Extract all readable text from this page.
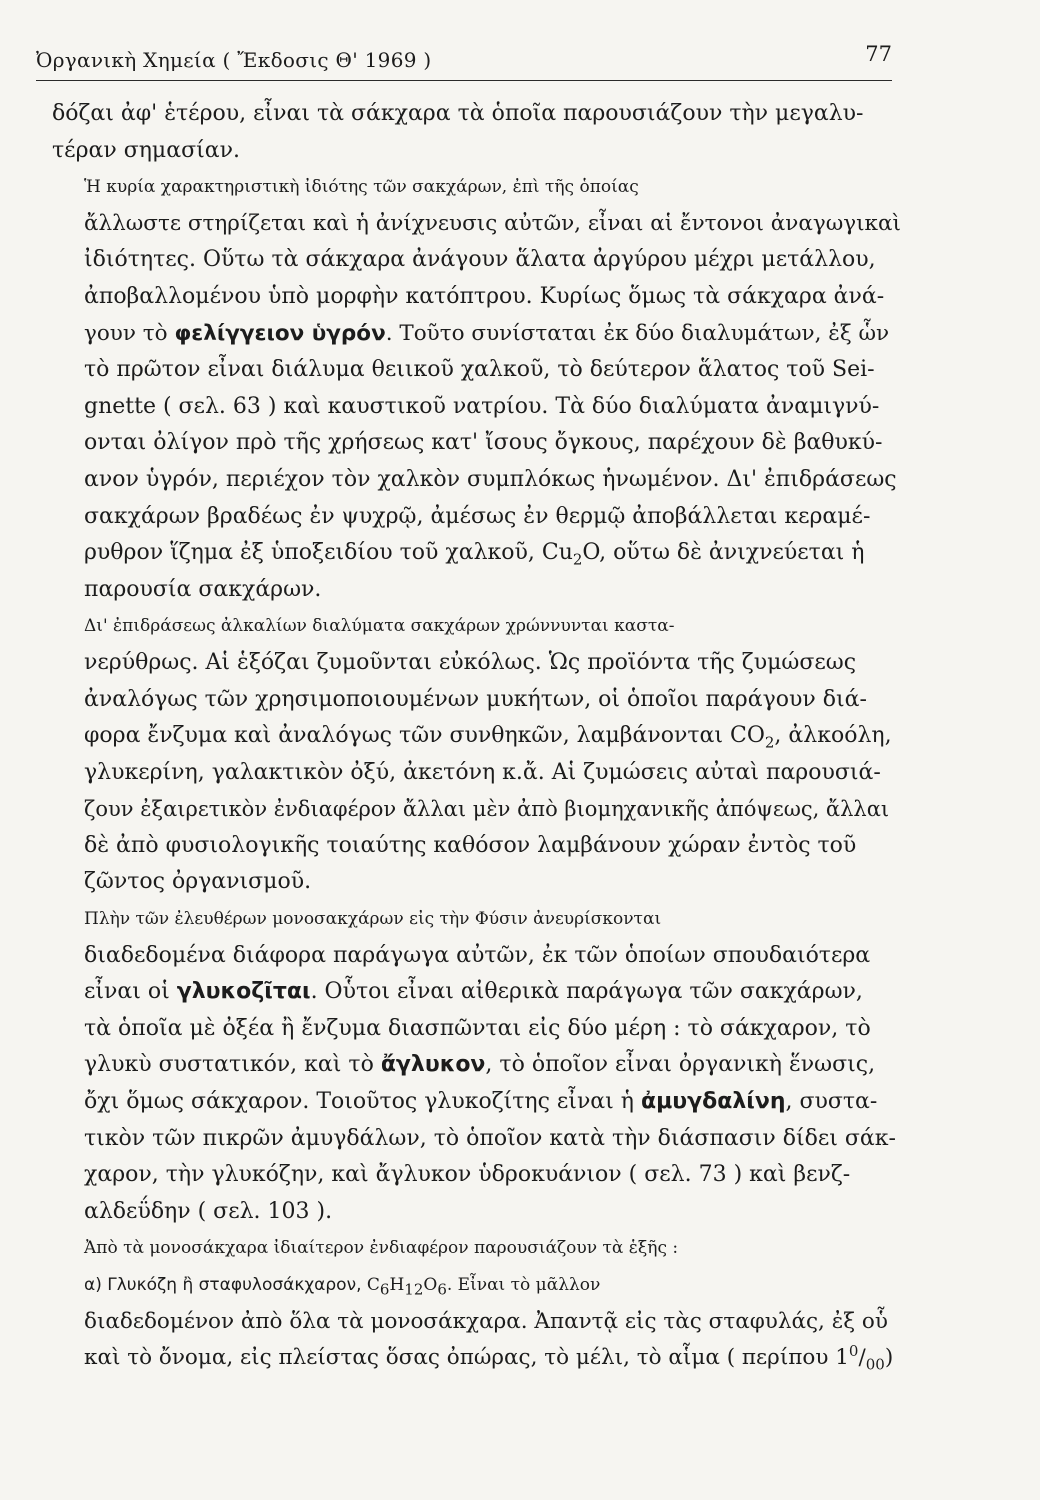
Ὀργανικὴ Χημεία ( Ἔκδοσις Θ' 1969 )	77

δόζαι ἀφ' ἑτέρου, εἶναι τὰ σάκχαρα τὰ ὁποῖα παρουσιάζουν τὴν μεγαλυ-
τέραν σημασίαν.

Ἡ κυρία χαρακτηριστικὴ ἰδιότης τῶν σακχάρων, ἐπὶ τῆς ὁποίας
ἄλλωστε στηρίζεται καὶ ἡ ἀνίχνευσις αὐτῶν, εἶναι αἱ ἔντονοι ἀναγωγικαὶ
ἰδιότητες. Οὕτω τὰ σάκχαρα ἀνάγουν ἅλατα ἀργύρου μέχρι μετάλλου,
ἀποβαλλομένου ὑπὸ μορφὴν κατόπτρου. Κυρίως ὅμως τὰ σάκχαρα ἀνά-
γουν τὸ φελίγγειον ὑγρόν. Τοῦτο συνίσταται ἐκ δύο διαλυμάτων, ἐξ ὧν
τὸ πρῶτον εἶναι διάλυμα θειικοῦ χαλκοῦ, τὸ δεύτερον ἅλατος τοῦ Sei-
gnette ( σελ. 63 ) καὶ καυστικοῦ νατρίου. Τὰ δύο διαλύματα ἀναμιγνύ-
ονται ὀλίγον πρὸ τῆς χρήσεως κατ' ἴσους ὄγκους, παρέχουν δὲ βαθυκύ-
ανον ὑγρόν, περιέχον τὸν χαλκὸν συμπλόκως ἡνωμένον. Δι' ἐπιδράσεως
σακχάρων βραδέως ἐν ψυχρῷ, ἀμέσως ἐν θερμῷ ἀποβάλλεται κεραμέ-
ρυθρον ἵζημα ἐξ ὑποξειδίου τοῦ χαλκοῦ, $Cu_2O$, οὕτω δὲ ἀνιχνεύεται ἡ
παρουσία σακχάρων.

Δι' ἐπιδράσεως ἀλκαλίων διαλύματα σακχάρων χρώννυνται καστα-
νερύθρως. Αἱ ἑξόζαι ζυμοῦνται εὐκόλως. Ὡς προϊόντα τῆς ζυμώσεως
ἀναλόγως τῶν χρησιμοποιουμένων μυκήτων, οἱ ὁποῖοι παράγουν διά-
φορα ἔνζυμα καὶ ἀναλόγως τῶν συνθηκῶν, λαμβάνονται $CO_2$, ἀλκοόλη,
γλυκερίνη, γαλακτικὸν ὀξύ, ἀκετόνη κ.ἄ. Αἱ ζυμώσεις αὐταὶ παρουσιά-
ζουν ἐξαιρετικὸν ἐνδιαφέρον ἄλλαι μὲν ἀπὸ βιομηχανικῆς ἀπόψεως, ἄλλαι
δὲ ἀπὸ φυσιολογικῆς τοιαύτης καθόσον λαμβάνουν χώραν ἐντὸς τοῦ
ζῶντος ὀργανισμοῦ.

Πλὴν τῶν ἐλευθέρων μονοσακχάρων εἰς τὴν Φύσιν ἀνευρίσκονται
διαδεδομένα διάφορα παράγωγα αὐτῶν, ἐκ τῶν ὁποίων σπουδαιότερα
εἶναι οἱ γλυκοζῖται. Οὗτοι εἶναι αἰθερικὰ παράγωγα τῶν σακχάρων,
τὰ ὁποῖα μὲ ὀξέα ἢ ἔνζυμα διασπῶνται εἰς δύο μέρη : τὸ σάκχαρον, τὸ
γλυκὺ συστατικόν, καὶ τὸ ἄγλυκον, τὸ ὁποῖον εἶναι ὀργανικὴ ἕνωσις,
ὄχι ὅμως σάκχαρον. Τοιοῦτος γλυκοζίτης εἶναι ἡ ἀμυγδαλίνη, συστα-
τικὸν τῶν πικρῶν ἀμυγδάλων, τὸ ὁποῖον κατὰ τὴν διάσπασιν δίδει σάκ-
χαρον, τὴν γλυκόζην, καὶ ἄγλυκον ὑδροκυάνιον ( σελ. 73 ) καὶ βενζ-
αλδεΰδην ( σελ. 103 ).

Ἀπὸ τὰ μονοσάκχαρα ἰδιαίτερον ἐνδιαφέρον παρουσιάζουν τὰ ἑξῆς :

α) Γλυκόζη ἢ σταφυλοσάκχαρον, $C_6H_{12}O_6$. Εἶναι τὸ μᾶλλον
διαδεδομένον ἀπὸ ὅλα τὰ μονοσάκχαρα. Ἀπαντᾷ εἰς τὰς σταφυλάς, ἐξ οὗ
καὶ τὸ ὄνομα, εἰς πλείστας ὅσας ὀπώρας, τὸ μέλι, τὸ αἷμα ( περίπου $1^0/_{00}$)
